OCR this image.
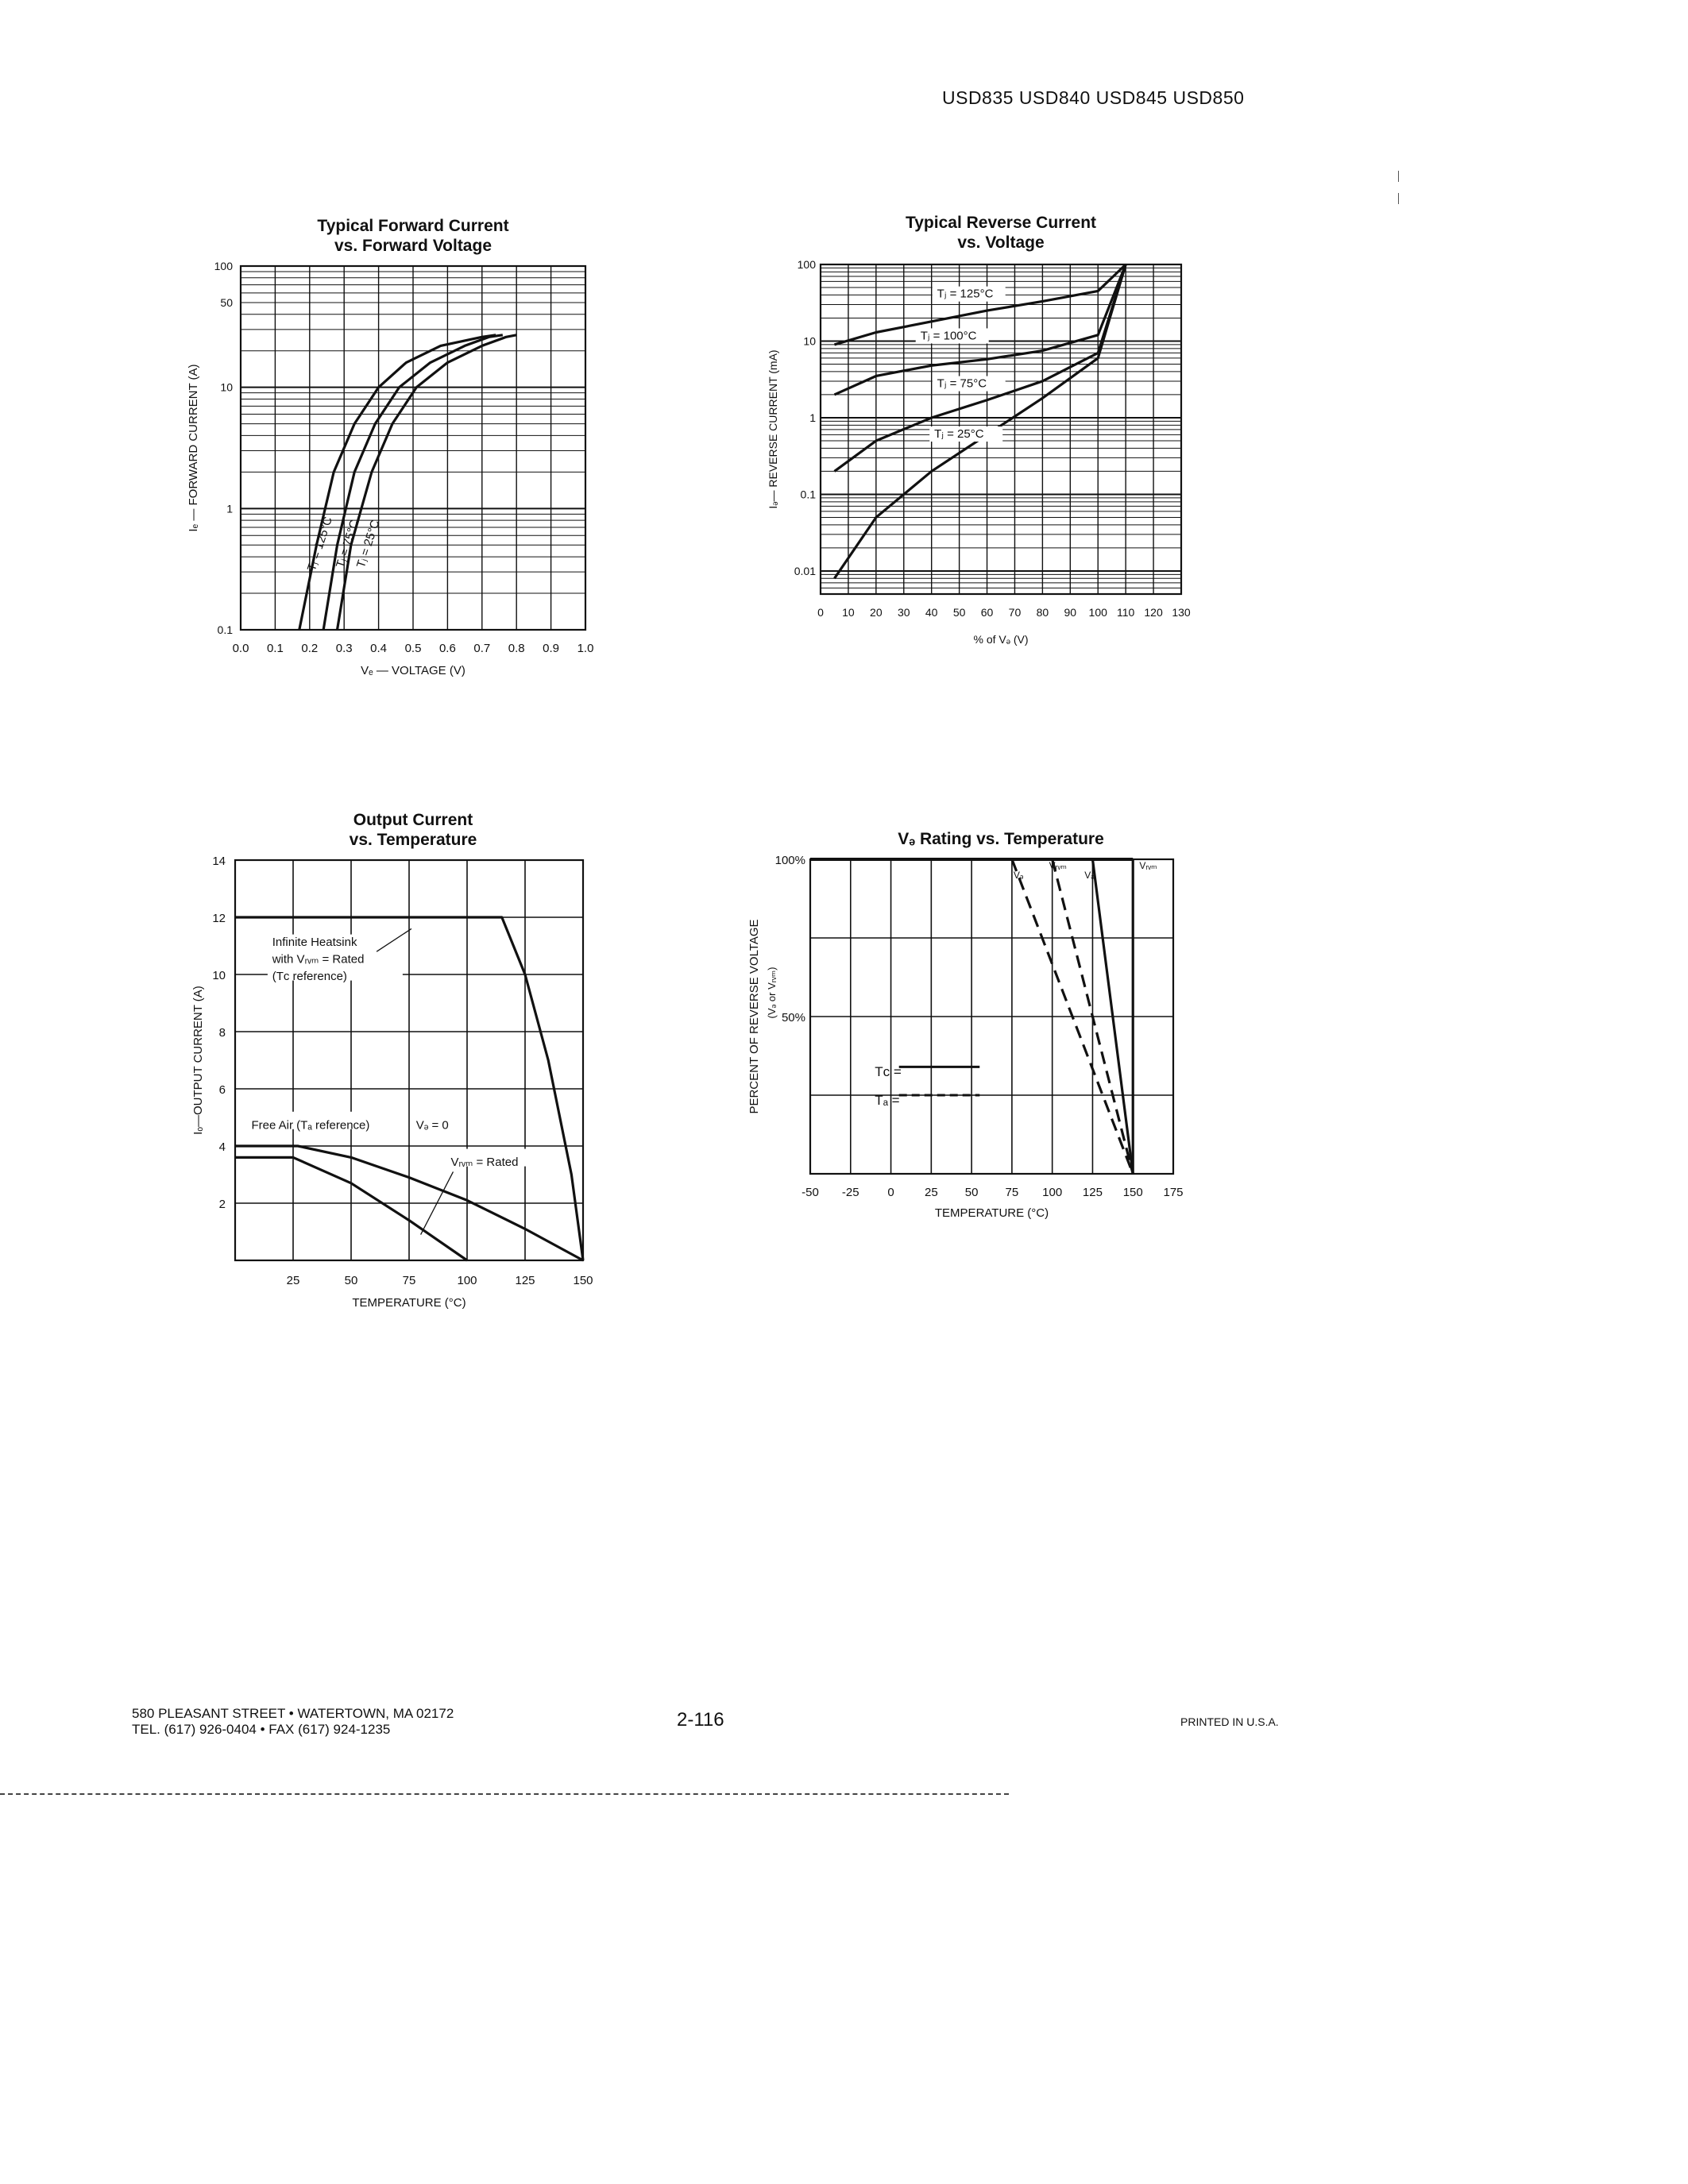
USD835 USD840 USD845 USD850
Typical Forward Current
vs. Forward Voltage
0.0 0.1 0.2 0.3 0.4 0.5 0.6 0.7 0.8 0.9 1.0
100
50
10
1
0.1
Vₑ — VOLTAGE (V)
Iₑ — FORWARD CURRENT (A)
Tⱼ = 125°C
Tⱼ = 75°C
Tⱼ = 25°C
0 10 20 30 40 50 60 70 80 90 100 110 120 130
100
10
1
0.1
0.01
% of Vₔ (V)
Iₔ— REVERSE CURRENT (mA)
Tⱼ = 125°C
Tⱼ = 100°C
Tⱼ = 75°C
Tⱼ = 25°C
25	50	75	100	125	150
14
12
10
8
6
4
2
TEMPERATURE (°C)
Iₒ—OUTPUT CURRENT (A)
Infinite Heatsink
with Vᵣᵥₘ = Rated
(Tᴄ reference)
Free Air (Tₐ reference)	Vₔ = 0
Vᵣᵥₘ = Rated
-50 -25 0	25 50 75 100 125 150 175
100%
50%
TEMPERATURE (°C)
PERCENT OF REVERSE VOLTAGE (Vₔ or Vᵣᵥₘ)
Vₔ
Vᵣᵥₘ
Vₔ
Vᵣᵥₘ
Tᴄ =
Tₐ =
Typical Reverse Current
vs. Voltage
Output Current
vs. Temperature	Vₔ Rating vs. Temperature
580 PLEASANT STREET • WATERTOWN, MA 02172
TEL. (617) 926-0404 • FAX (617) 924-1235	2-116	PRINTED IN U.S.A.
